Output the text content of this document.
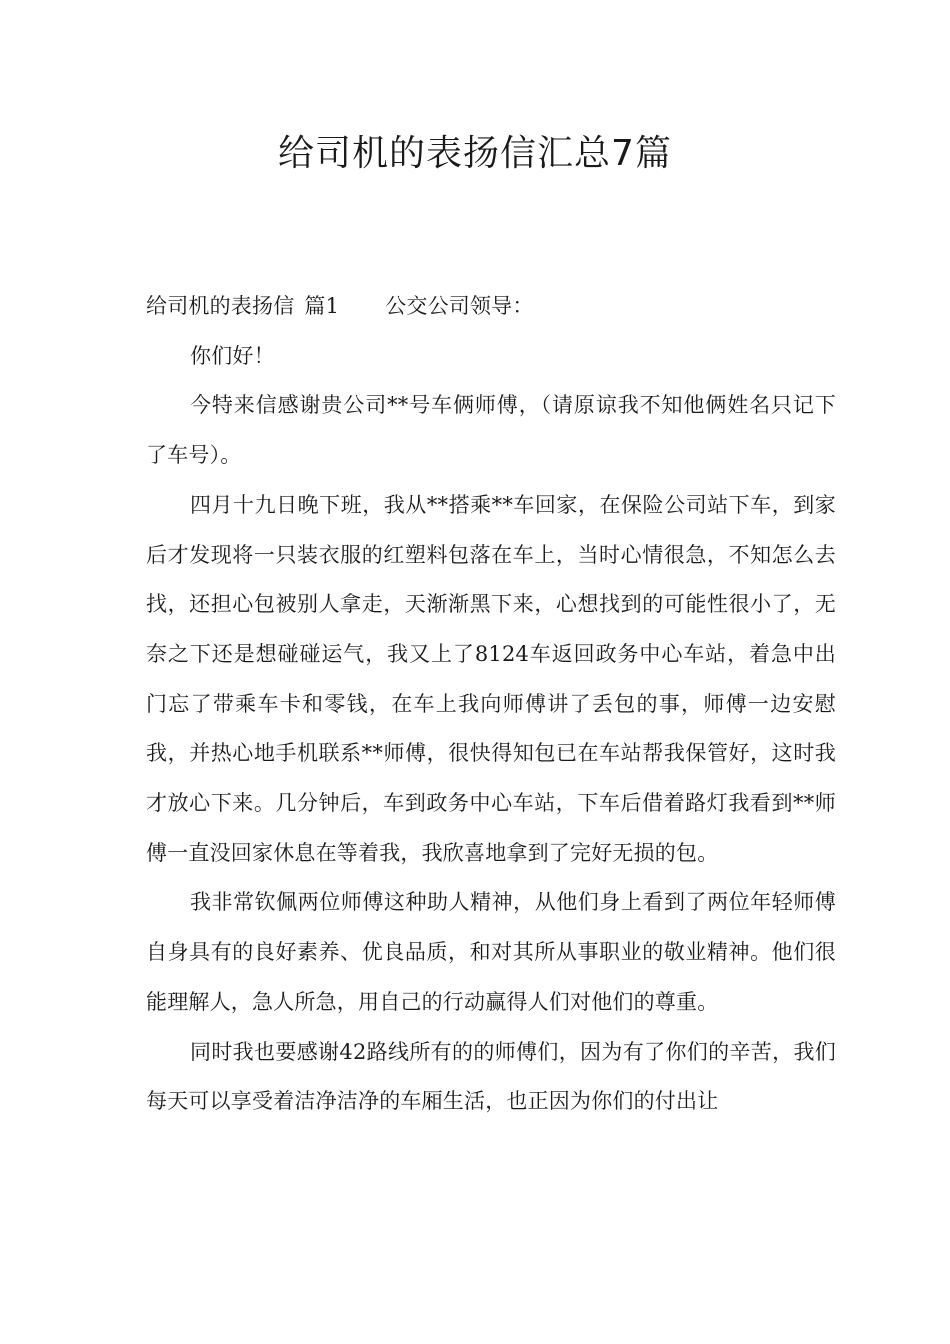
给司机的表扬信汇总7篇

给司机的表扬信 篇1 公交公司领导：

你们好！

今特来信感谢贵公司**号车俩师傅，（请原谅我不知他俩姓名只记下了车号）。

四月十九日晚下班，我从**搭乘**车回家，在保险公司站下车，到家后才发现将一只装衣服的红塑料包落在车上，当时心情很急，不知怎么去找，还担心包被别人拿走，天渐渐黑下来，心想找到的可能性很小了，无奈之下还是想碰碰运气，我又上了8124车返回政务中心车站，着急中出门忘了带乘车卡和零钱，在车上我向师傅讲了丢包的事，师傅一边安慰我，并热心地手机联系**师傅，很快得知包已在车站帮我保管好，这时我才放心下来。几分钟后，车到政务中心车站，下车后借着路灯我看到**师傅一直没回家休息在等着我，我欣喜地拿到了完好无损的包。

我非常钦佩两位师傅这种助人精神，从他们身上看到了两位年轻师傅自身具有的良好素养、优良品质，和对其所从事职业的敬业精神。他们很能理解人，急人所急，用自己的行动赢得人们对他们的尊重。

同时我也要感谢42路线所有的的师傅们，因为有了你们的辛苦，我们每天可以享受着洁净洁净的车厢生活，也正因为你们的付出让
